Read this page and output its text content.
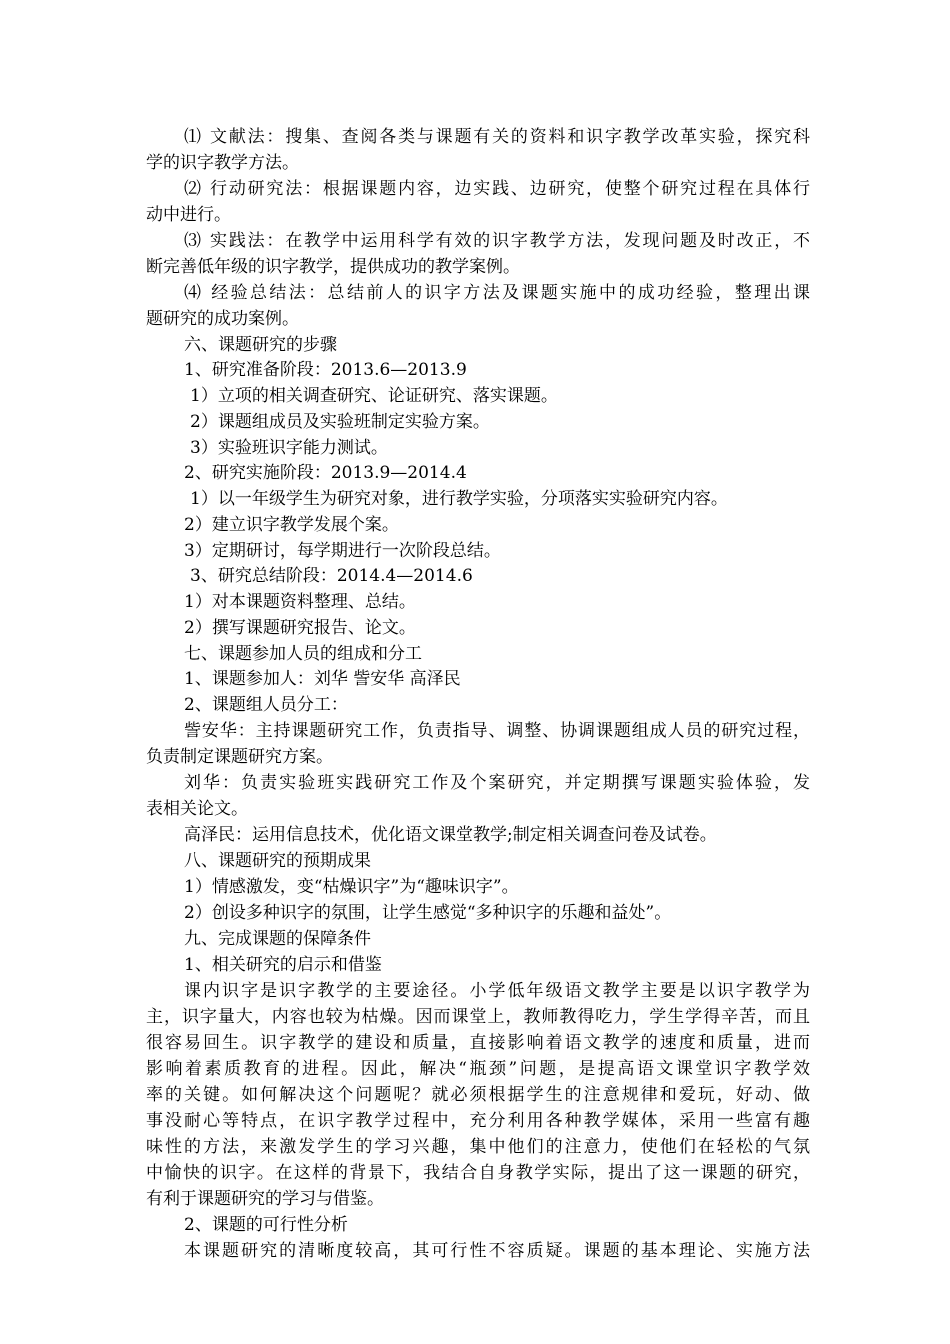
⑴ 文献法：搜集、查阅各类与课题有关的资料和识字教学改革实验，探究科
学的识字教学方法。
⑵ 行动研究法：根据课题内容，边实践、边研究，使整个研究过程在具体行
动中进行。
⑶ 实践法：在教学中运用科学有效的识字教学方法，发现问题及时改正，不
断完善低年级的识字教学，提供成功的教学案例。
⑷ 经验总结法：总结前人的识字方法及课题实施中的成功经验，整理出课
题研究的成功案例。
六、课题研究的步骤
1、研究准备阶段：2013.6—2013.9
1）立项的相关调查研究、论证研究、落实课题。
2）课题组成员及实验班制定实验方案。
3）实验班识字能力测试。
2、研究实施阶段：2013.9—2014.4
1）以一年级学生为研究对象，进行教学实验，分项落实实验研究内容。
2）建立识字教学发展个案。
3）定期研讨，每学期进行一次阶段总结。
3、研究总结阶段：2014.4—2014.6
1）对本课题资料整理、总结。
2）撰写课题研究报告、论文。
七、课题参加人员的组成和分工
1、课题参加人：刘华 訾安华 高泽民
2、课题组人员分工：
訾安华：主持课题研究工作，负责指导、调整、协调课题组成人员的研究过程，
负责制定课题研究方案。
刘华：负责实验班实践研究工作及个案研究，并定期撰写课题实验体验，发
表相关论文。
高泽民：运用信息技术，优化语文课堂教学;制定相关调查问卷及试卷。
八、课题研究的预期成果
1）情感激发，变“枯燥识字”为“趣味识字”。
2）创设多种识字的氛围，让学生感觉“多种识字的乐趣和益处”。
九、完成课题的保障条件
1、相关研究的启示和借鉴
课内识字是识字教学的主要途径。小学低年级语文教学主要是以识字教学为
主，识字量大，内容也较为枯燥。因而课堂上，教师教得吃力，学生学得辛苦，而且
很容易回生。识字教学的建设和质量，直接影响着语文教学的速度和质量，进而
影响着素质教育的进程。因此，解决“瓶颈”问题，是提高语文课堂识字教学效
率的关键。如何解决这个问题呢？就必须根据学生的注意规律和爱玩，好动、做
事没耐心等特点，在识字教学过程中，充分利用各种教学媒体，采用一些富有趣
味性的方法，来激发学生的学习兴趣，集中他们的注意力，使他们在轻松的气氛
中愉快的识字。在这样的背景下，我结合自身教学实际，提出了这一课题的研究，
有利于课题研究的学习与借鉴。
2、课题的可行性分析
本课题研究的清晰度较高，其可行性不容质疑。课题的基本理论、实施方法
